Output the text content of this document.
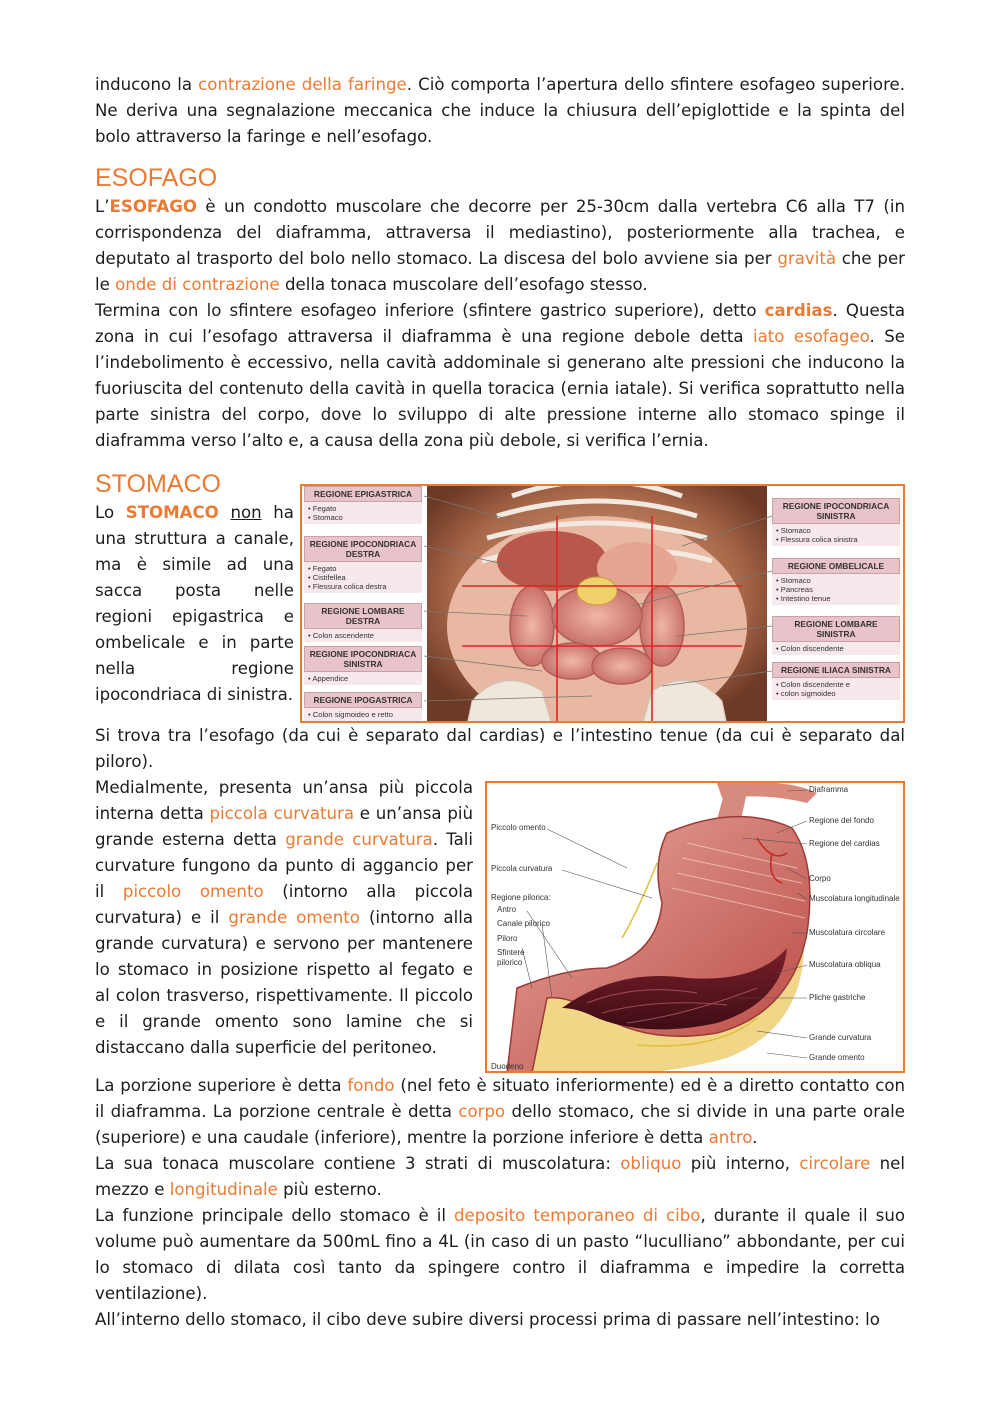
inducono la contrazione della faringe. Ciò comporta l’apertura dello sfintere esofageo superiore. Ne deriva una segnalazione meccanica che induce la chiusura dell’epiglottide e la spinta del bolo attraverso la faringe e nell’esofago.

ESOFAGO

L’ESOFAGO è un condotto muscolare che decorre per 25-30cm dalla vertebra C6 alla T7 (in corrispondenza del diaframma, attraversa il mediastino), posteriormente alla trachea, e deputato al trasporto del bolo nello stomaco. La discesa del bolo avviene sia per gravità che per le onde di contrazione della tonaca muscolare dell’esofago stesso.

Termina con lo sfintere esofageo inferiore (sfintere gastrico superiore), detto cardias. Questa zona in cui l’esofago attraversa il diaframma è una regione debole detta iato esofageo. Se l’indebolimento è eccessivo, nella cavità addominale si generano alte pressioni che inducono la fuoriuscita del contenuto della cavità in quella toracica (ernia iatale). Si verifica soprattutto nella parte sinistra del corpo, dove lo sviluppo di alte pressione interne allo stomaco spinge il diaframma verso l’alto e, a causa della zona più debole, si verifica l’ernia.

STOMACO	REGIONE EPIGASTRICA
• Fegato
• Stomaco
REGIONE IPOCONDRIACA DESTRA
• Fegato
• Cistifellea
• Flessura colica destra
REGIONE LOMBARE DESTRA
• Colon ascendente
REGIONE IPOCONDRIACA SINISTRA
• Appendice
REGIONE IPOGASTRICA
• Colon sigmoideo e retto
REGIONE IPOCONDRIACA SINISTRA
• Stomaco
• Flessura colica sinistra
REGIONE OMBELICALE
• Stomaco
• Pancreas
• Intestino tenue
REGIONE LOMBARE SINISTRA
• Colon discendente
REGIONE ILIACA SINISTRA
• Colon discendente e
• colon sigmoideo

Lo STOMACO non ha una struttura a canale, ma è simile ad una sacca posta nelle regioni epigastrica e ombelicale e in parte nella regione ipocondriaca di sinistra.

Si trova tra l’esofago (da cui è separato dal cardias) e l’intestino tenue (da cui è separato dal piloro).

Piccolo omento
Piccola curvatura
Regione pilorica:
Antro
Canale pilorico
Piloro
Sfintere
pilorico
Duodeno
Diaframma
Regione del fondo
Regione del cardias
Corpo
Muscolatura longitudinale
Muscolatura circolare
Muscolatura obliqua
Pliche gastriche
Grande curvatura
Grande omento

Medialmente, presenta un’ansa più piccola interna detta piccola curvatura e un’ansa più grande esterna detta grande curvatura. Tali curvature fungono da punto di aggancio per il piccolo omento (intorno alla piccola curvatura) e il grande omento (intorno alla grande curvatura) e servono per mantenere lo stomaco in posizione rispetto al fegato e al colon trasverso, rispettivamente. Il piccolo e il grande omento sono lamine che si distaccano dalla superficie del peritoneo.

La porzione superiore è detta fondo (nel feto è situato inferiormente) ed è a diretto contatto con il diaframma. La porzione centrale è detta corpo dello stomaco, che si divide in una parte orale (superiore) e una caudale (inferiore), mentre la porzione inferiore è detta antro.

La sua tonaca muscolare contiene 3 strati di muscolatura: obliquo più interno, circolare nel mezzo e longitudinale più esterno.

La funzione principale dello stomaco è il deposito temporaneo di cibo, durante il quale il suo volume può aumentare da 500mL fino a 4L (in caso di un pasto “luculliano” abbondante, per cui lo stomaco di dilata così tanto da spingere contro il diaframma e impedire la corretta ventilazione).

All’interno dello stomaco, il cibo deve subire diversi processi prima di passare nell’intestino: lo
